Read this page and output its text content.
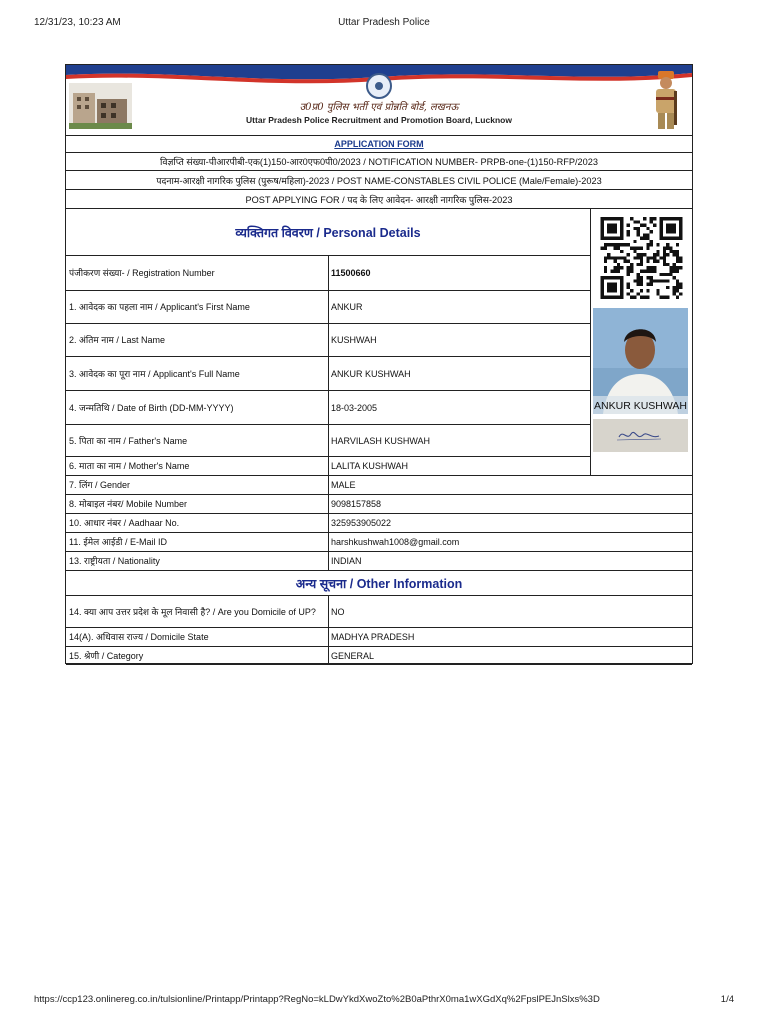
12/31/23, 10:23 AM	Uttar Pradesh Police
उ0प्र0 पुलिस भर्ती एवं प्रोन्नति बोर्ड, लखनऊ
Uttar Pradesh Police Recruitment and Promotion Board, Lucknow
APPLICATION FORM
विज्ञप्ति संख्या-पीआरपीबी-एक(1)150-आर0एफ0पी0/2023 / NOTIFICATION NUMBER- PRPB-one-(1)150-RFP/2023
पदनाम-आरक्षी नागरिक पुलिस (पुरूष/महिला)-2023 / POST NAME-CONSTABLES CIVIL POLICE (Male/Female)-2023
POST APPLYING FOR / पद के लिए आवेदन- आरक्षी नागरिक पुलिस-2023
व्यक्तिगत विवरण / Personal Details
ANKUR KUSHWAH
अन्य सूचना / Other Information
पंजीकरण संख्या- / Registration Number	11500660
1. आवेदक का पहला नाम / Applicant's First Name	ANKUR
2. अंतिम नाम / Last Name	KUSHWAH
3. आवेदक का पूरा नाम / Applicant's Full Name	ANKUR KUSHWAH
4. जन्मतिथि / Date of Birth (DD-MM-YYYY)	18-03-2005
5. पिता का नाम / Father's Name	HARVILASH KUSHWAH
6. माता का नाम / Mother's Name	LALITA KUSHWAH
7. लिंग / Gender	MALE
8. मोबाइल नंबर/ Mobile Number	9098157858
10. आधार नंबर / Aadhaar No.	325953905022
11. ईमेल आईडी / E-Mail ID	harshkushwah1008@gmail.com
13. राष्ट्रीयता / Nationality	INDIAN
14. क्या आप उत्तर प्रदेश के मूल निवासी है? / Are you Domicile of UP?	NO
14(A). अधिवास राज्य / Domicile State	MADHYA PRADESH
15. श्रेणी / Category	GENERAL
https://ccp123.onlinereg.co.in/tulsionline/Printapp/Printapp?RegNo=kLDwYkdXwoZto%2B0aPthrX0ma1wXGdXq%2FpslPEJnSlxs%3D	1/4
